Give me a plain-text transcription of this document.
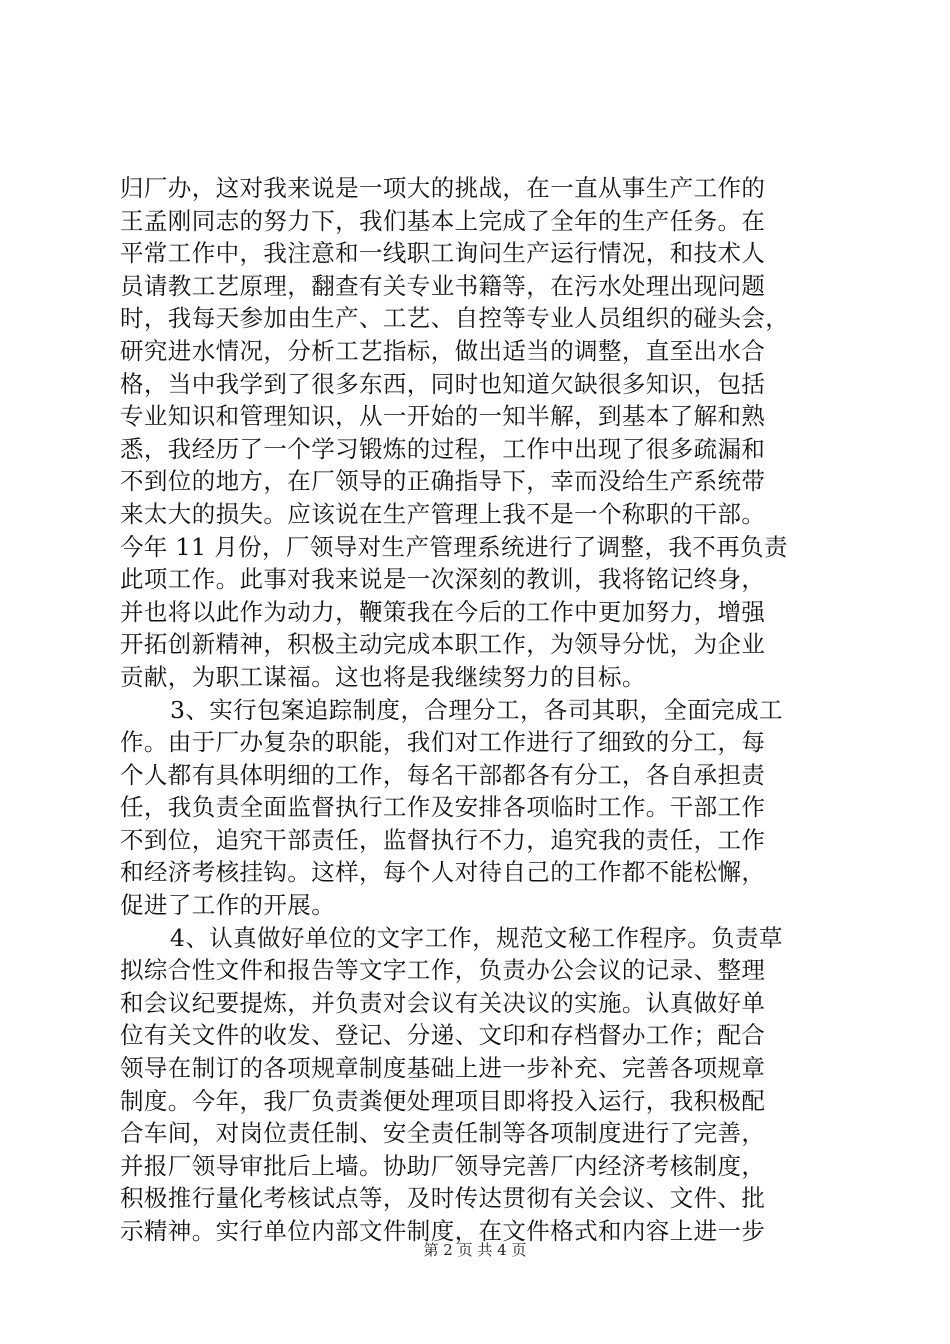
归厂办，这对我来说是一项大的挑战，在一直从事生产工作的
王孟刚同志的努力下，我们基本上完成了全年的生产任务。在
平常工作中，我注意和一线职工询问生产运行情况，和技术人
员请教工艺原理，翻查有关专业书籍等，在污水处理出现问题
时，我每天参加由生产、工艺、自控等专业人员组织的碰头会，
研究进水情况，分析工艺指标，做出适当的调整，直至出水合
格，当中我学到了很多东西，同时也知道欠缺很多知识，包括
专业知识和管理知识，从一开始的一知半解，到基本了解和熟
悉，我经历了一个学习锻炼的过程，工作中出现了很多疏漏和
不到位的地方，在厂领导的正确指导下，幸而没给生产系统带
来太大的损失。应该说在生产管理上我不是一个称职的干部。
今年 11 月份，厂领导对生产管理系统进行了调整，我不再负责
此项工作。此事对我来说是一次深刻的教训，我将铭记终身，
并也将以此作为动力，鞭策我在今后的工作中更加努力，增强
开拓创新精神，积极主动完成本职工作，为领导分忧，为企业
贡献，为职工谋福。这也将是我继续努力的目标。
3、实行包案追踪制度，合理分工，各司其职，全面完成工
作。由于厂办复杂的职能，我们对工作进行了细致的分工，每
个人都有具体明细的工作，每名干部都各有分工，各自承担责
任，我负责全面监督执行工作及安排各项临时工作。干部工作
不到位，追究干部责任，监督执行不力，追究我的责任，工作
和经济考核挂钩。这样，每个人对待自己的工作都不能松懈，
促进了工作的开展。
4、认真做好单位的文字工作，规范文秘工作程序。负责草
拟综合性文件和报告等文字工作，负责办公会议的记录、整理
和会议纪要提炼，并负责对会议有关决议的实施。认真做好单
位有关文件的收发、登记、分递、文印和存档督办工作；配合
领导在制订的各项规章制度基础上进一步补充、完善各项规章
制度。今年，我厂负责粪便处理项目即将投入运行，我积极配
合车间，对岗位责任制、安全责任制等各项制度进行了完善，
并报厂领导审批后上墙。协助厂领导完善厂内经济考核制度，
积极推行量化考核试点等，及时传达贯彻有关会议、文件、批
示精神。实行单位内部文件制度，在文件格式和内容上进一步
第 2 页 共 4 页
